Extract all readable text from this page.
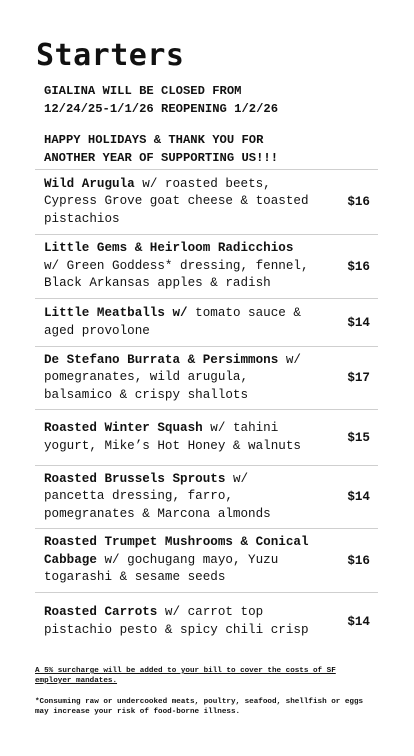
Starters
GIALINA WILL BE CLOSED FROM
12/24/25-1/1/26 REOPENING 1/2/26
HAPPY HOLIDAYS & THANK YOU FOR
ANOTHER YEAR OF SUPPORTING US!!!
Wild Arugula w/ roasted beets, Cypress Grove goat cheese & toasted pistachios
$16
Little Gems & Heirloom Radicchios w/ Green Goddess* dressing, fennel, Black Arkansas apples & radish
$16
Little Meatballs w/ tomato sauce & aged provolone
$14
De Stefano Burrata & Persimmons w/ pomegranates, wild arugula, balsamico & crispy shallots
$17
Roasted Winter Squash w/ tahini yogurt, Mike’s Hot Honey & walnuts
$15
Roasted Brussels Sprouts w/ pancetta dressing, farro, pomegranates & Marcona almonds
$14
Roasted Trumpet Mushrooms & Conical Cabbage w/ gochugang mayo, Yuzu togarashi & sesame seeds
$16
Roasted Carrots w/ carrot top pistachio pesto & spicy chili crisp
$14
A 5% surcharge will be added to your bill to cover the costs of SF employer mandates.
*Consuming raw or undercooked meats, poultry, seafood, shellfish or eggs may increase your risk of food-borne illness.
